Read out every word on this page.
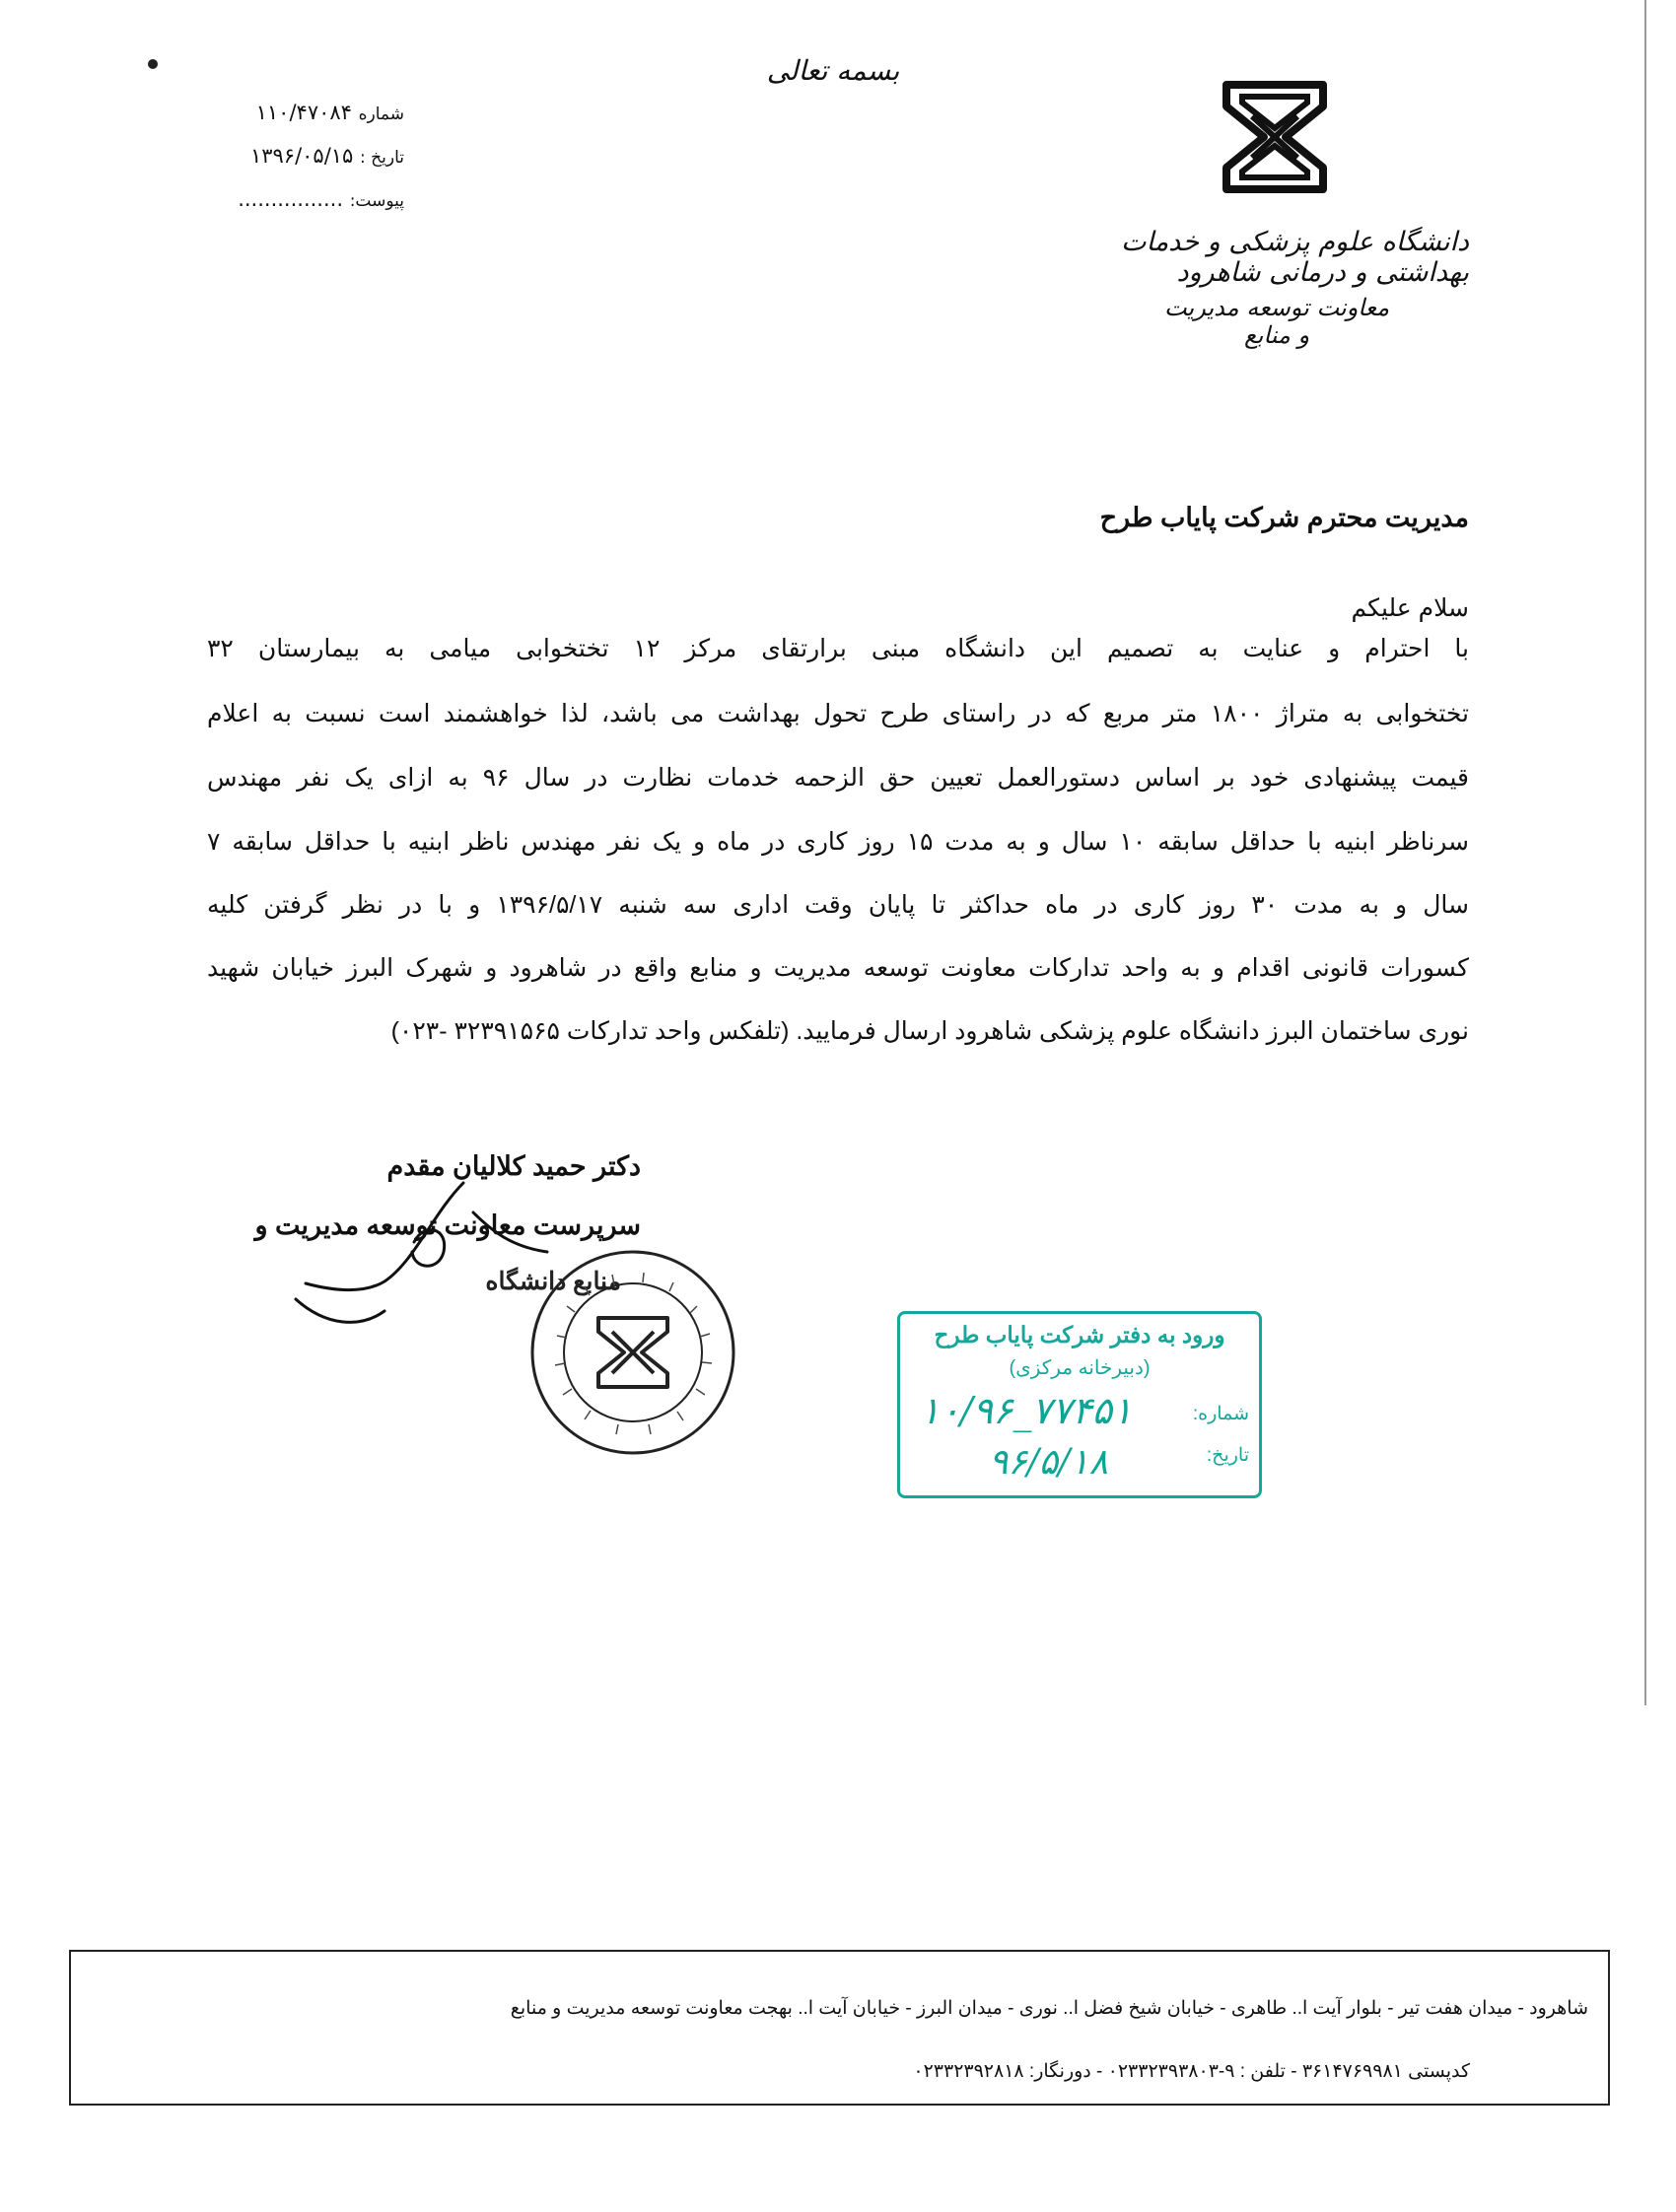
بسمه تعالی
شماره ۱۱۰/۴۷۰۸۴
تاریخ : ۱۳۹۶/۰۵/۱۵
پیوست: ................
دانشگاه علوم پزشکی و خدمات بهداشتی و درمانی شاهرود
معاونت توسعه مدیریت و منابع
مدیریت محترم شرکت پایاب طرح
سلام علیکم
با احترام و عنایت به تصمیم این دانشگاه مبنی برارتقای مرکز ۱۲ تختخوابی میامی به بیمارستان ۳۲
تختخوابی به متراژ ۱۸۰۰ متر مربع که در راستای طرح تحول بهداشت می باشد، لذا خواهشمند است نسبت به اعلام
قیمت پیشنهادی خود بر اساس دستورالعمل تعیین حق الزحمه خدمات نظارت در سال ۹۶ به ازای یک نفر مهندس
سرناظر ابنیه با حداقل سابقه ۱۰ سال و به مدت ۱۵ روز کاری در ماه و یک نفر مهندس ناظر ابنیه با حداقل سابقه ۷
سال و به مدت ۳۰ روز کاری در ماه حداکثر تا پایان وقت اداری سه شنبه ۱۳۹۶/۵/۱۷ و با در نظر گرفتن کلیه
کسورات قانونی اقدام و به واحد تدارکات معاونت توسعه مدیریت و منابع واقع در شاهرود و شهرک البرز خیابان شهید
نوری ساختمان البرز دانشگاه علوم پزشکی شاهرود ارسال فرمایید. (تلفکس واحد تدارکات ۳۲۳۹۱۵۶۵ -۰۲۳)
دکتر حمید کلالیان مقدم
سرپرست معاونت توسعه مدیریت و
منابع دانشگاه
ورود به دفتر شرکت پایاب طرح
(دبیرخانه مرکزی)
شماره:
تاریخ:
۱۰/۹۶_۷۷۴۵۱
۹۶/۵/۱۸
شاهرود - میدان هفت تیر - بلوار آیت ا.. طاهری - خیابان شیخ فضل ا.. نوری - میدان البرز - خیابان آیت ا.. بهجت معاونت توسعه مدیریت و منابع
کدپستی ۳۶۱۴۷۶۹۹۸۱ - تلفن : ۹-۰۲۳۳۲۳۹۳۸۰۳ - دورنگار: ۰۲۳۳۲۳۹۲۸۱۸
